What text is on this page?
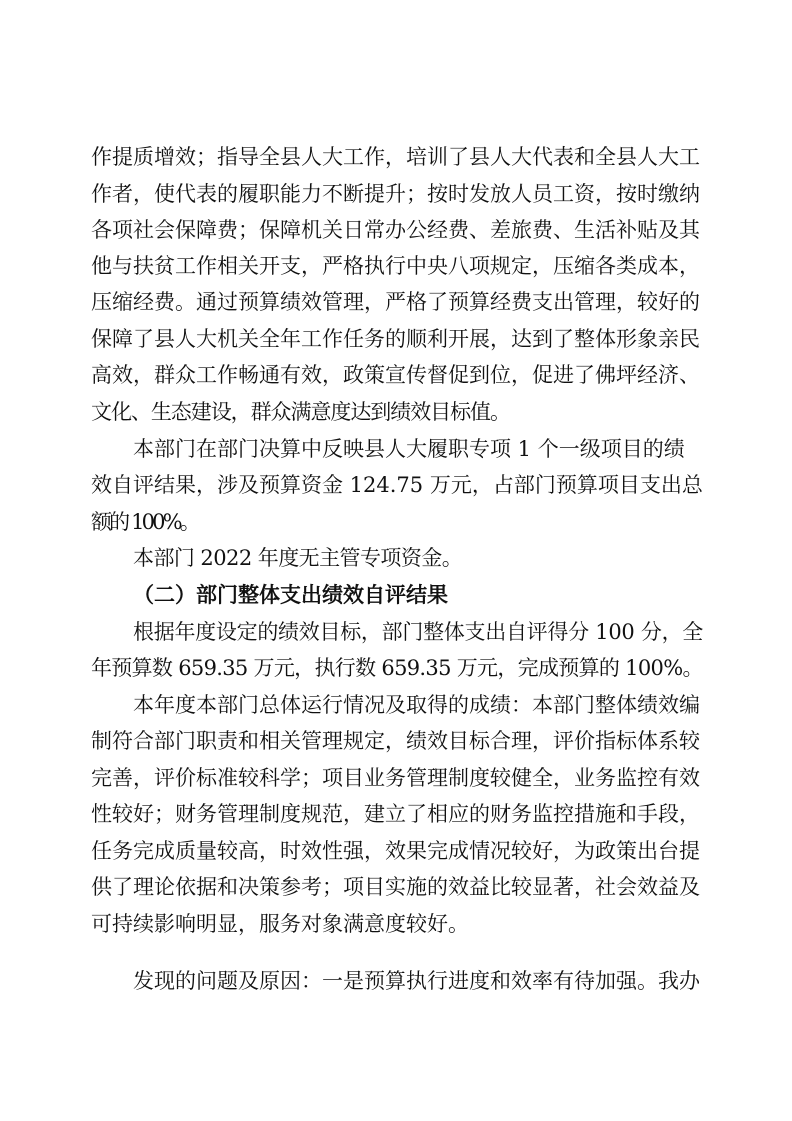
作提质增效；指导全县人大工作，培训了县人大代表和全县人大工
作者，使代表的履职能力不断提升；按时发放人员工资，按时缴纳
各项社会保障费；保障机关日常办公经费、差旅费、生活补贴及其
他与扶贫工作相关开支，严格执行中央八项规定，压缩各类成本，
压缩经费。通过预算绩效管理，严格了预算经费支出管理，较好的
保障了县人大机关全年工作任务的顺利开展，达到了整体形象亲民
高效，群众工作畅通有效，政策宣传督促到位，促进了佛坪经济、
文化、生态建设，群众满意度达到绩效目标值。
本部门在部门决算中反映县人大履职专项 1 个一级项目的绩
效自评结果，涉及预算资金 124.75 万元，占部门预算项目支出总
额的 100%。
本部门 2022 年度无主管专项资金。
（二）部门整体支出绩效自评结果
根据年度设定的绩效目标，部门整体支出自评得分 100 分，全
年预算数 659.35 万元，执行数 659.35 万元，完成预算的 100%。
本年度本部门总体运行情况及取得的成绩：本部门整体绩效编
制符合部门职责和相关管理规定，绩效目标合理，评价指标体系较
完善，评价标准较科学；项目业务管理制度较健全，业务监控有效
性较好；财务管理制度规范，建立了相应的财务监控措施和手段，
任务完成质量较高，时效性强，效果完成情况较好，为政策出台提
供了理论依据和决策参考；项目实施的效益比较显著，社会效益及
可持续影响明显，服务对象满意度较好。
发现的问题及原因：一是预算执行进度和效率有待加强。我办
